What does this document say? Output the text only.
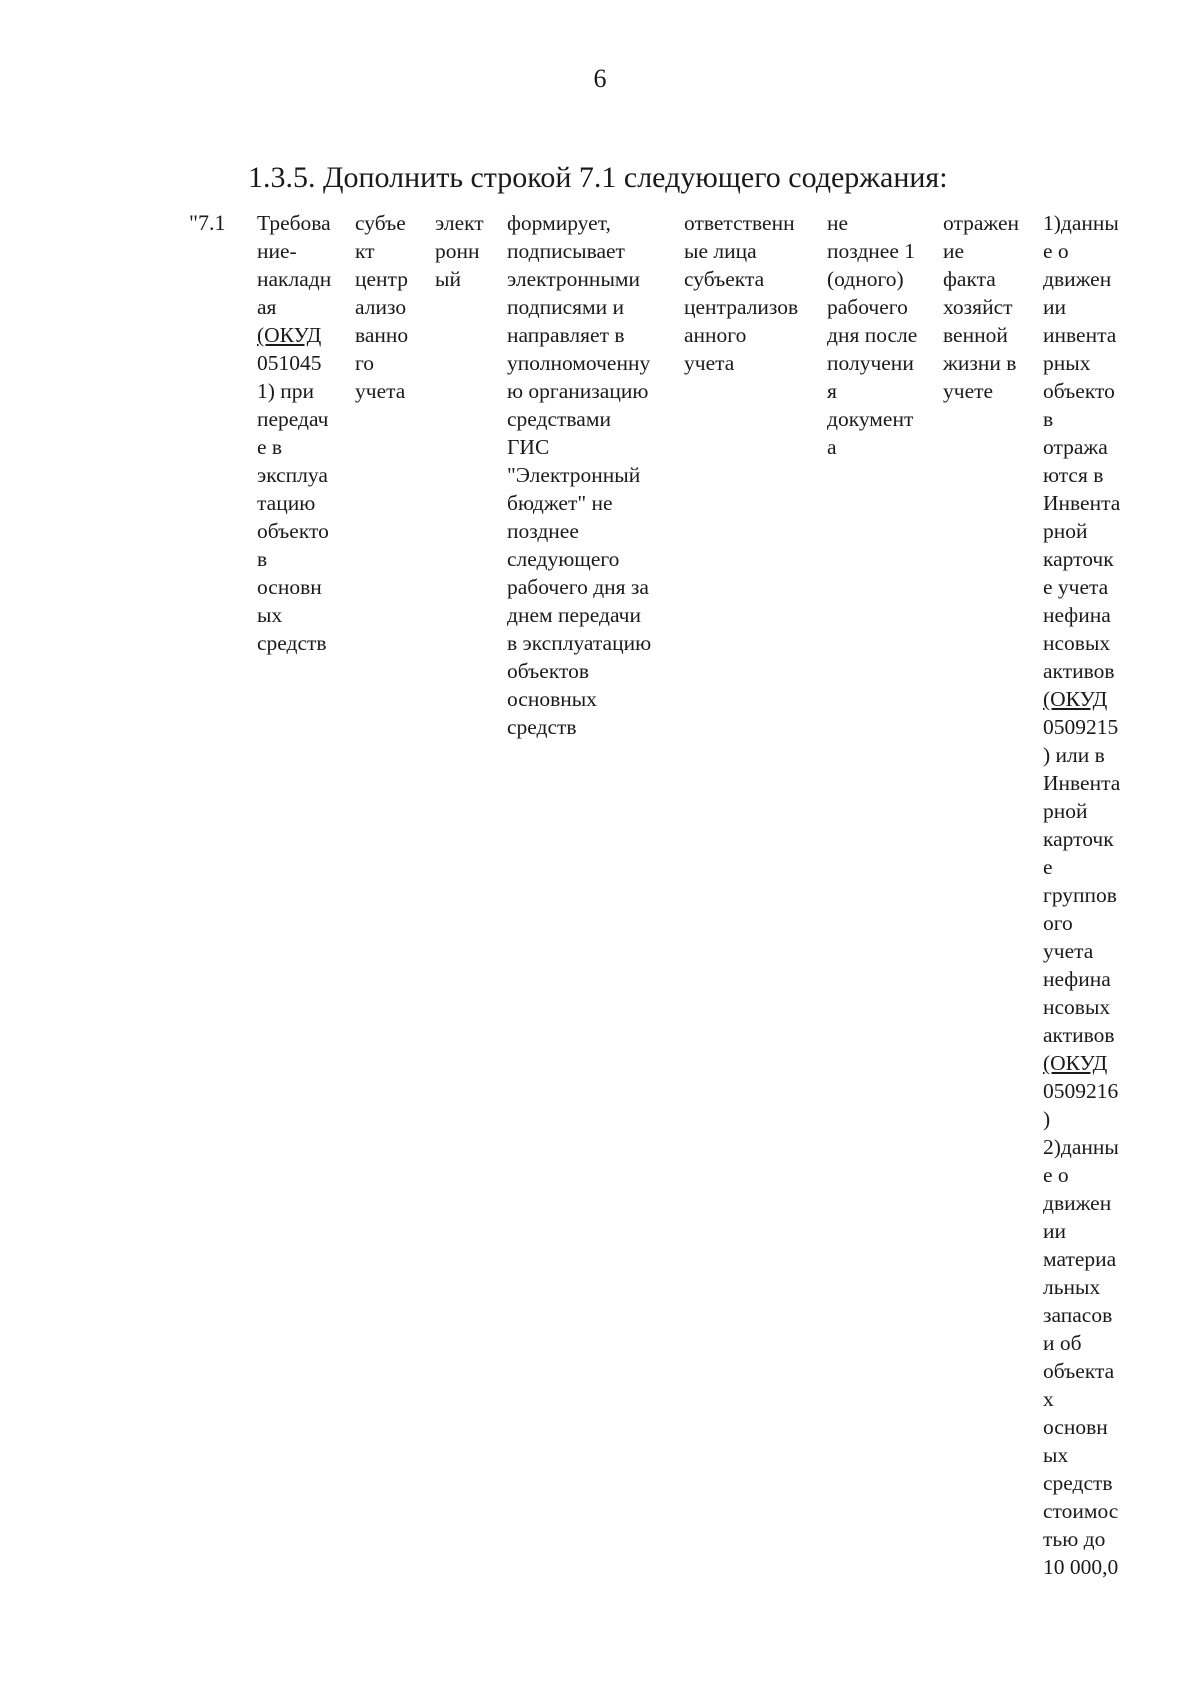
6
1.3.5. Дополнить строкой 7.1 следующего содержания:
"7.1 Требова
ние-
накладн
ая
(ОКУД
051045
1) при
передач
е в
эксплуа
тацию
объекто
в
основн
ых
средств
субъе
кт
центр
ализо
ванно
го
учета
элект
ронн
ый
формирует,
подписывает
электронными
подписями и
направляет в
уполномоченну
ю организацию
средствами
ГИС
"Электронный
бюджет" не
позднее
следующего
рабочего дня за
днем передачи
в эксплуатацию
объектов
основных
средств
ответственн
ые лица
субъекта
централизов
анного
учета
не
позднее 1
(одного)
рабочего
дня после
получени
я
документ
а
отражен
ие
факта
хозяйст
венной
жизни в
учете
1)данны
е о
движен
ии
инвента
рных
объекто
в
отража
ются в
Инвента
рной
карточк
е учета
нефина
нсовых
активов
(ОКУД
0509215
) или в
Инвента
рной
карточк
е
группов
ого
учета
нефина
нсовых
активов
(ОКУД
0509216
)
2)данны
е о
движен
ии
материа
льных
запасов
и об
объекта
х
основн
ых
средств
стоимос
тью до
10 000,0
